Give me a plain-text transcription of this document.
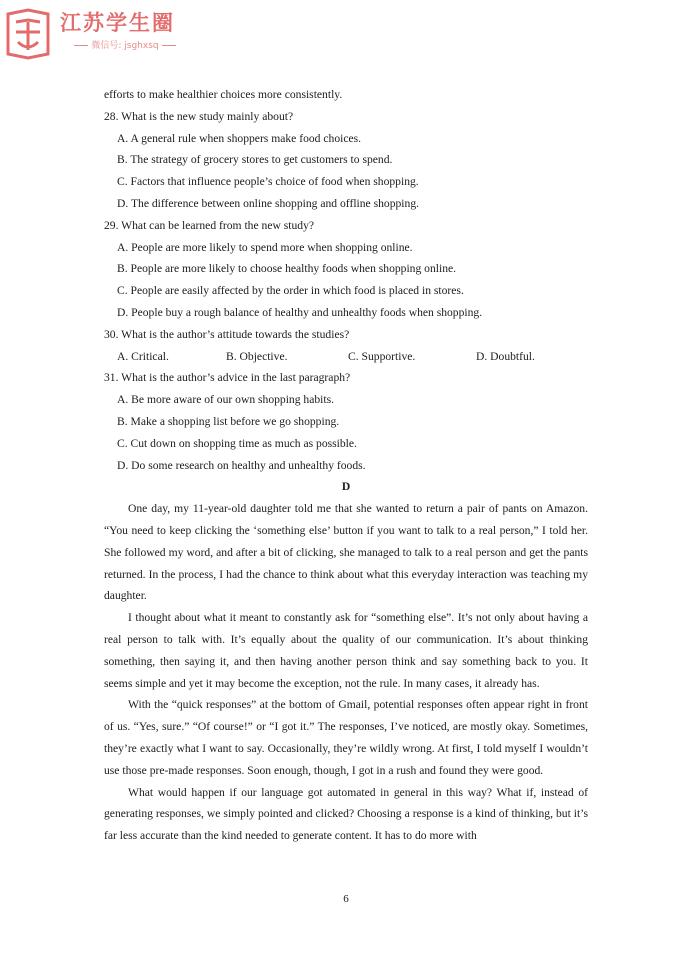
江苏学生圈
微信号: jsghxsq
efforts to make healthier choices more consistently.
28. What is the new study mainly about?
A. A general rule when shoppers make food choices.
B. The strategy of grocery stores to get customers to spend.
C. Factors that influence people’s choice of food when shopping.
D. The difference between online shopping and offline shopping.
29. What can be learned from the new study?
A. People are more likely to spend more when shopping online.
B. People are more likely to choose healthy foods when shopping online.
C. People are easily affected by the order in which food is placed in stores.
D. People buy a rough balance of healthy and unhealthy foods when shopping.
30. What is the author’s attitude towards the studies?
A. Critical.	B. Objective.	C. Supportive.	D. Doubtful.
31. What is the author’s advice in the last paragraph?
A. Be more aware of our own shopping habits.
B. Make a shopping list before we go shopping.
C. Cut down on shopping time as much as possible.
D. Do some research on healthy and unhealthy foods.
D

One day, my 11-year-old daughter told me that she wanted to return a pair of pants on Amazon. “You need to keep clicking the ‘something else’ button if you want to talk to a real person,” I told her. She followed my word, and after a bit of clicking, she managed to talk to a real person and get the pants returned. In the process, I had the chance to think about what this everyday interaction was teaching my daughter.

I thought about what it meant to constantly ask for “something else”. It’s not only about having a real person to talk with. It’s equally about the quality of our communication. It’s about thinking something, then saying it, and then having another person think and say something back to you. It seems simple and yet it may become the exception, not the rule. In many cases, it already has.

With the “quick responses” at the bottom of Gmail, potential responses often appear right in front of us. “Yes, sure.” “Of course!” or “I got it.” The responses, I’ve noticed, are mostly okay. Sometimes, they’re exactly what I want to say. Occasionally, they’re wildly wrong. At first, I told myself I wouldn’t use those pre-made responses. Soon enough, though, I got in a rush and found they were good.

What would happen if our language got automated in general in this way? What if, instead of generating responses, we simply pointed and clicked? Choosing a response is a kind of thinking, but it’s far less accurate than the kind needed to generate content. It has to do more with

6
